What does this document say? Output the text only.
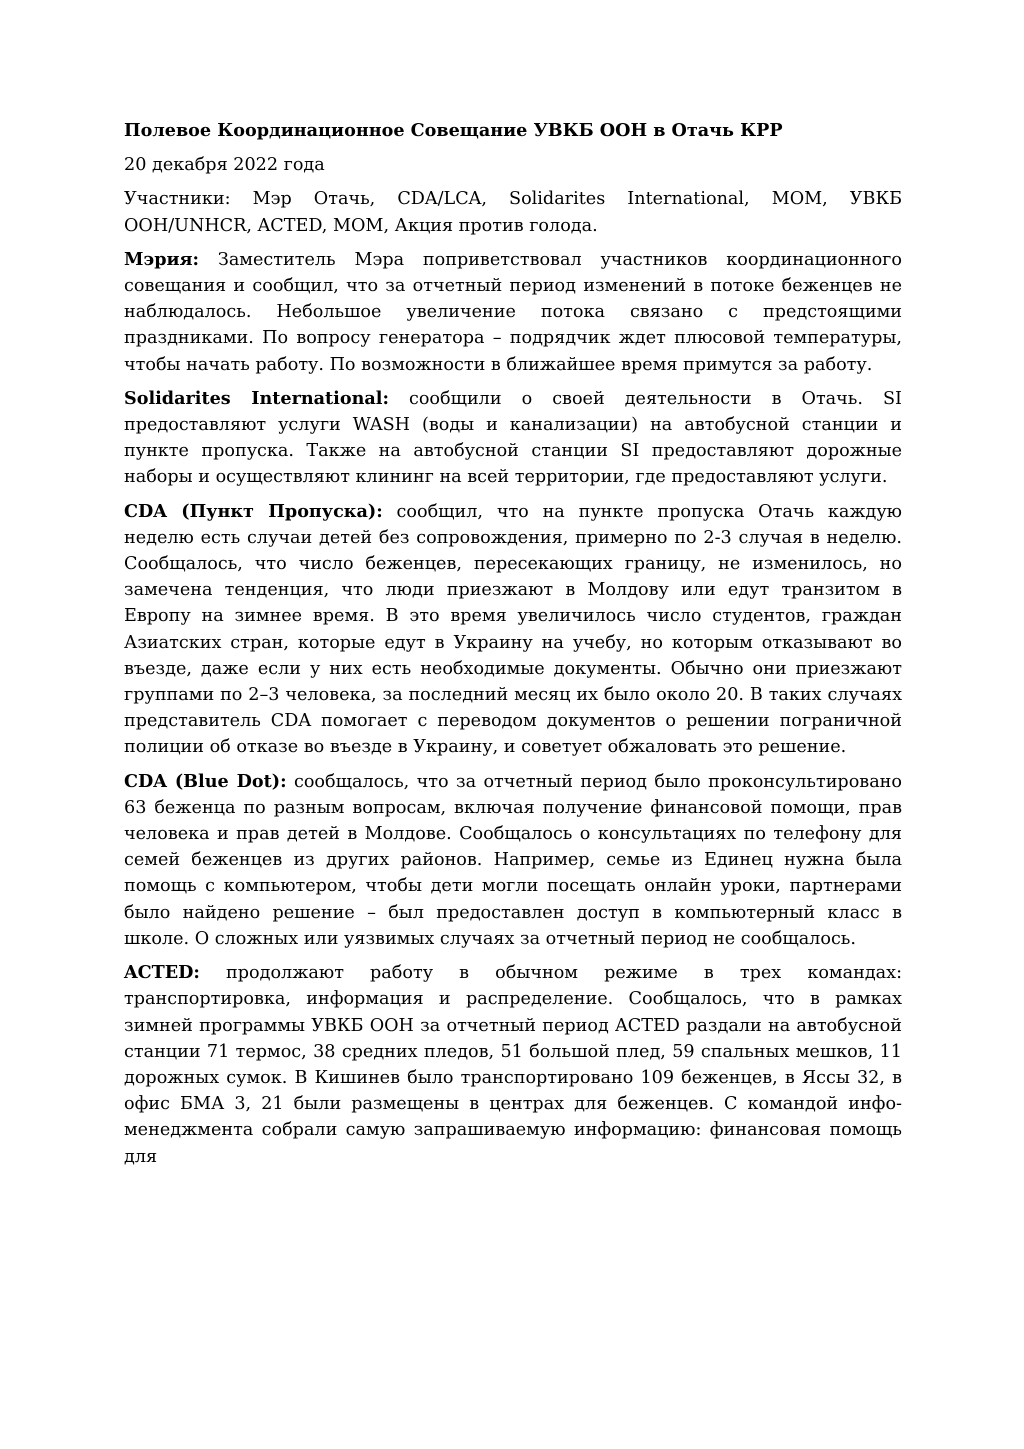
Полевое Координационное Совещание УВКБ ООН в Отачь КРР
20 декабря 2022 года
Участники: Мэр Отачь, CDA/LCA, Solidarites International, МОМ, УВКБ ООН/UNHCR, ACTED, МОМ, Акция против голода.
Мэрия: Заместитель Мэра поприветствовал участников координационного совещания и сообщил, что за отчетный период изменений в потоке беженцев не наблюдалось. Небольшое увеличение потока связано с предстоящими праздниками. По вопросу генератора – подрядчик ждет плюсовой температуры, чтобы начать работу. По возможности в ближайшее время примутся за работу.
Solidarites International: сообщили о своей деятельности в Отачь. SI предоставляют услуги WASH (воды и канализации) на автобусной станции и пункте пропуска. Также на автобусной станции SI предоставляют дорожные наборы и осуществляют клининг на всей территории, где предоставляют услуги.
CDA (Пункт Пропуска): сообщил, что на пункте пропуска Отачь каждую неделю есть случаи детей без сопровождения, примерно по 2-3 случая в неделю. Сообщалось, что число беженцев, пересекающих границу, не изменилось, но замечена тенденция, что люди приезжают в Молдову или едут транзитом в Европу на зимнее время. В это время увеличилось число студентов, граждан Азиатских стран, которые едут в Украину на учебу, но которым отказывают во въезде, даже если у них есть необходимые документы. Обычно они приезжают группами по 2–3 человека, за последний месяц их было около 20. В таких случаях представитель CDA помогает с переводом документов о решении пограничной полиции об отказе во въезде в Украину, и советует обжаловать это решение.
CDA (Blue Dot): сообщалось, что за отчетный период было проконсультировано 63 беженца по разным вопросам, включая получение финансовой помощи, прав человека и прав детей в Молдове. Сообщалось о консультациях по телефону для семей беженцев из других районов. Например, семье из Единец нужна была помощь с компьютером, чтобы дети могли посещать онлайн уроки, партнерами было найдено решение – был предоставлен доступ в компьютерный класс в школе. О сложных или уязвимых случаях за отчетный период не сообщалось.
ACTED: продолжают работу в обычном режиме в трех командах: транспортировка, информация и распределение. Сообщалось, что в рамках зимней программы УВКБ ООН за отчетный период ACTED раздали на автобусной станции 71 термос, 38 средних пледов, 51 большой плед, 59 спальных мешков, 11 дорожных сумок. В Кишинев было транспортировано 109 беженцев, в Яссы 32, в офис БМА 3, 21 были размещены в центрах для беженцев. С командой инфо-менеджмента собрали самую запрашиваемую информацию: финансовая помощь для
